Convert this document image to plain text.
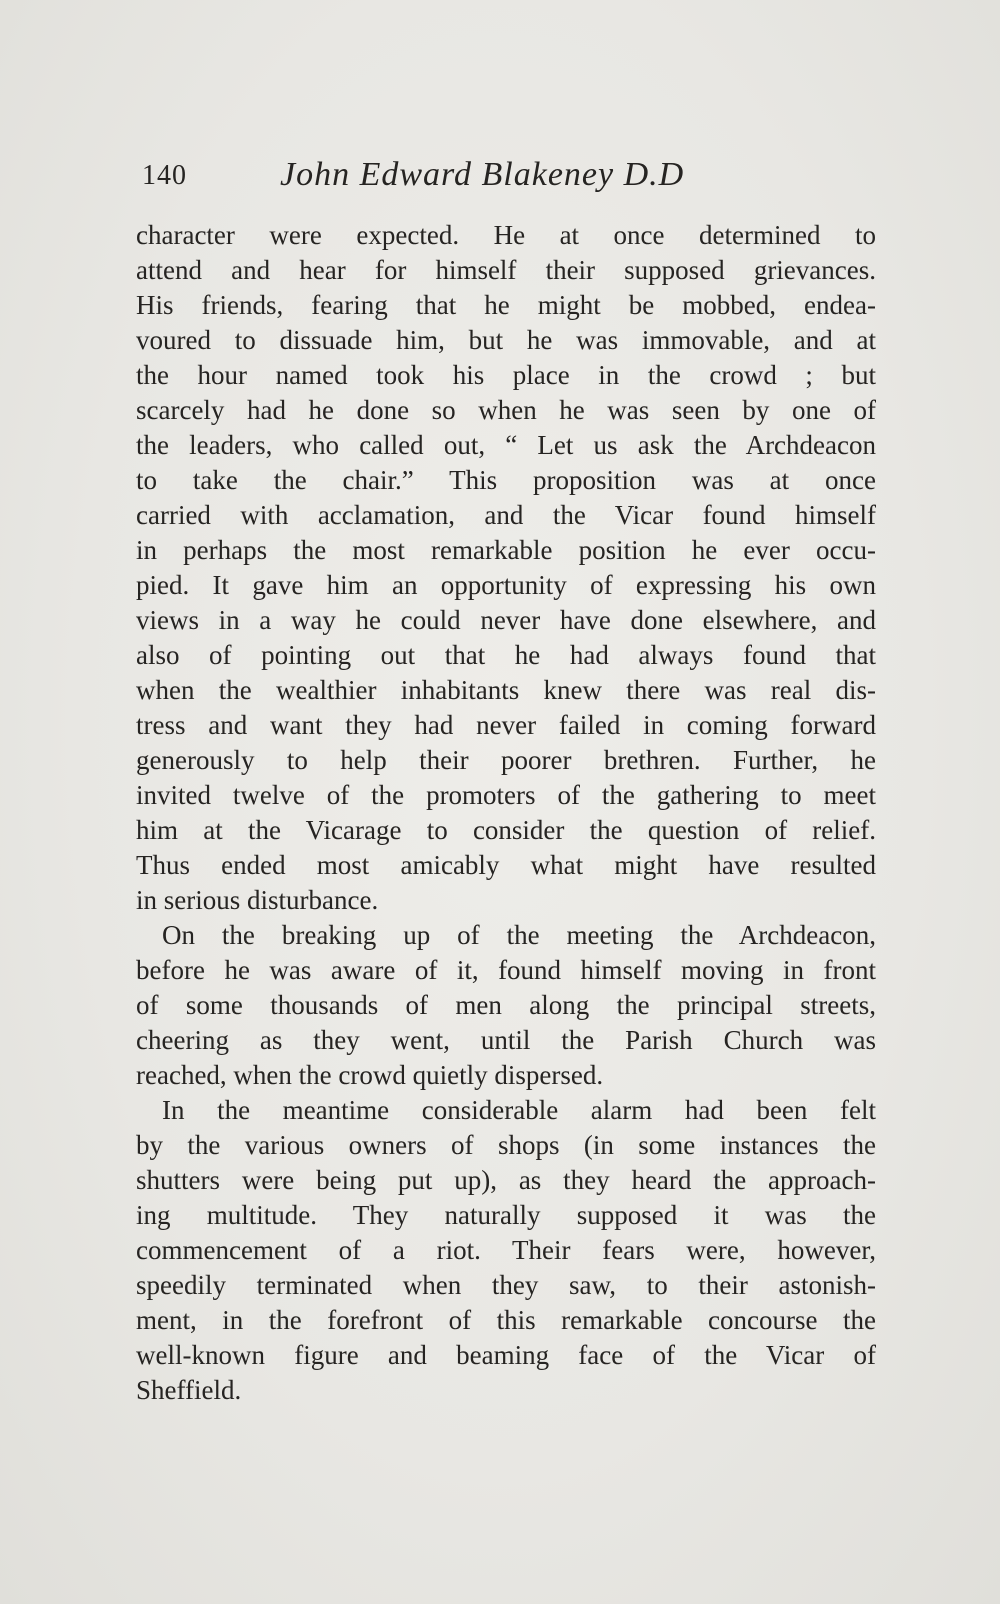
140	John Edward Blakeney D.D
character were expected. He at once determined to
attend and hear for himself their supposed grievances.
His friends, fearing that he might be mobbed, endea-
voured to dissuade him, but he was immovable, and at
the hour named took his place in the crowd ; but
scarcely had he done so when he was seen by one of
the leaders, who called out, “ Let us ask the Archdeacon
to take the chair.” This proposition was at once
carried with acclamation, and the Vicar found himself
in perhaps the most remarkable position he ever occu-
pied. It gave him an opportunity of expressing his own
views in a way he could never have done elsewhere, and
also of pointing out that he had always found that
when the wealthier inhabitants knew there was real dis-
tress and want they had never failed in coming forward
generously to help their poorer brethren. Further, he
invited twelve of the promoters of the gathering to meet
him at the Vicarage to consider the question of relief.
Thus ended most amicably what might have resulted
in serious disturbance.
On the breaking up of the meeting the Archdeacon,
before he was aware of it, found himself moving in front
of some thousands of men along the principal streets,
cheering as they went, until the Parish Church was
reached, when the crowd quietly dispersed.
In the meantime considerable alarm had been felt
by the various owners of shops (in some instances the
shutters were being put up), as they heard the approach-
ing multitude. They naturally supposed it was the
commencement of a riot. Their fears were, however,
speedily terminated when they saw, to their astonish-
ment, in the forefront of this remarkable concourse the
well-known figure and beaming face of the Vicar of
Sheffield.
